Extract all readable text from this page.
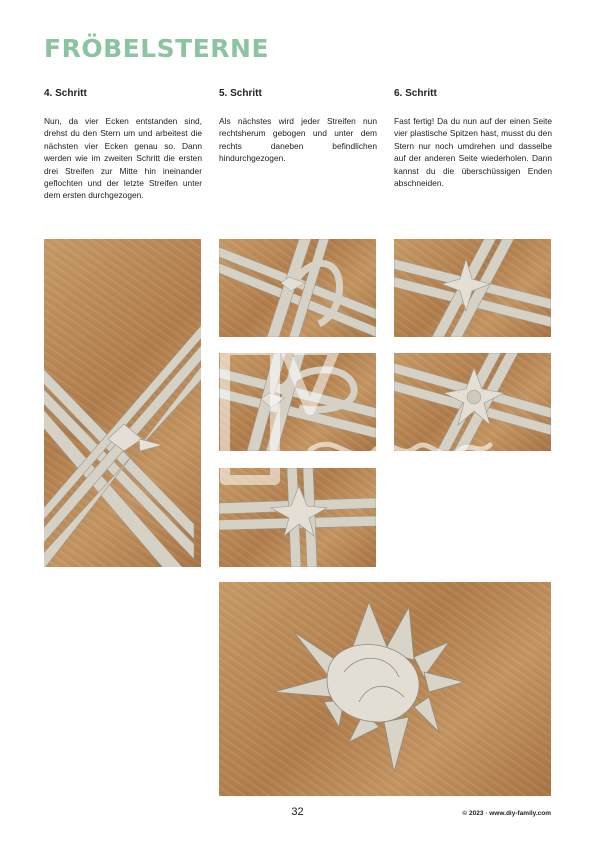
FRÖBELSTERNE

4. Schritt	5. Schritt	6. Schritt

Nun, da vier Ecken entstanden sind, drehst du den Stern um und arbeitest die nächsten vier Ecken genau so. Dann werden wie im zweiten Schritt die ersten drei Streifen zur Mitte hin ineinander geflochten und der letzte Streifen unter dem ersten durchgezogen.

Als nächstes wird jeder Streifen nun rechtsherum gebogen und unter dem rechts daneben befindlichen hindurchgezogen.

Fast fertig! Da du nun auf der einen Seite vier plastische Spitzen hast, musst du den Stern nur noch umdrehen und dasselbe auf der anderen Seite wiederholen. Dann kannst du die überschüssigen Enden abschneiden.

32	© 2023 · www.diy-family.com
